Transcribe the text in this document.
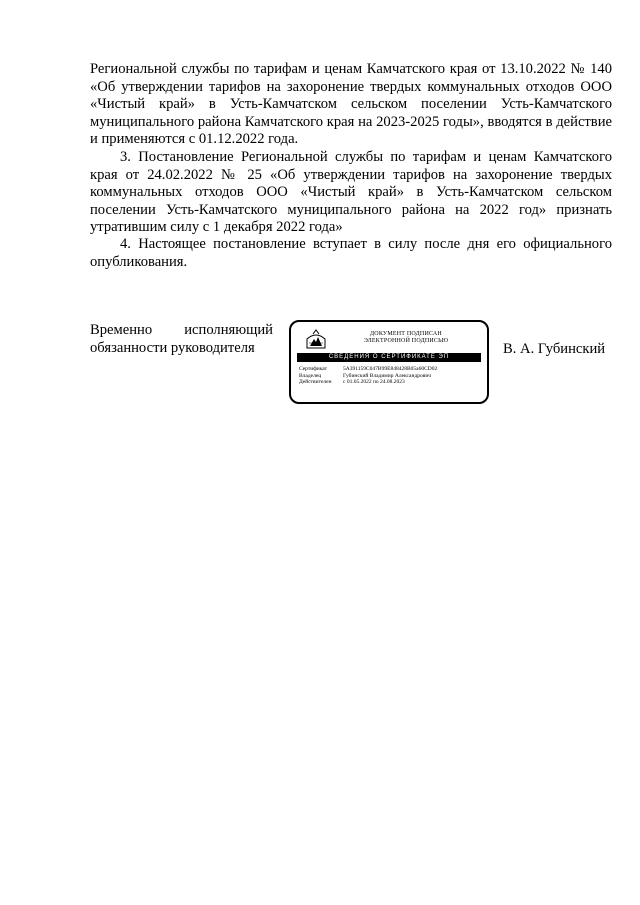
Региональной службы по тарифам и ценам Камчатского края от 13.10.2022 № 140 «Об утверждении тарифов на захоронение твердых коммунальных отходов ООО «Чистый край» в Усть-Камчатском сельском поселении Усть-Камчатского муниципального района Камчатского края на 2023-2025 годы», вводятся в действие и применяются с 01.12.2022 года.

3. Постановление Региональной службы по тарифам и ценам Камчатского края от 24.02.2022 № 25 «Об утверждении тарифов на захоронение твердых коммунальных отходов ООО «Чистый край» в Усть-Камчатском сельском поселении Усть-Камчатского муниципального района на 2022 год» признать утратившим силу с 1 декабря 2022 года»

4. Настоящее постановление вступает в силу после дня его официального опубликования.

Временно исполняющий
обязанности руководителя
ДОКУМЕНТ ПОДПИСАН
ЭЛЕКТРОННОЙ ПОДПИСЬЮ
СВЕДЕНИЯ О СЕРТИФИКАТЕ ЭП
Сертификат	5A391159C047B99E848428B05a60CD02
Владелец	Губинский Владимир Александрович
Действителен	с 01.05.2022 по 24.08.2023
В. А. Губинский
